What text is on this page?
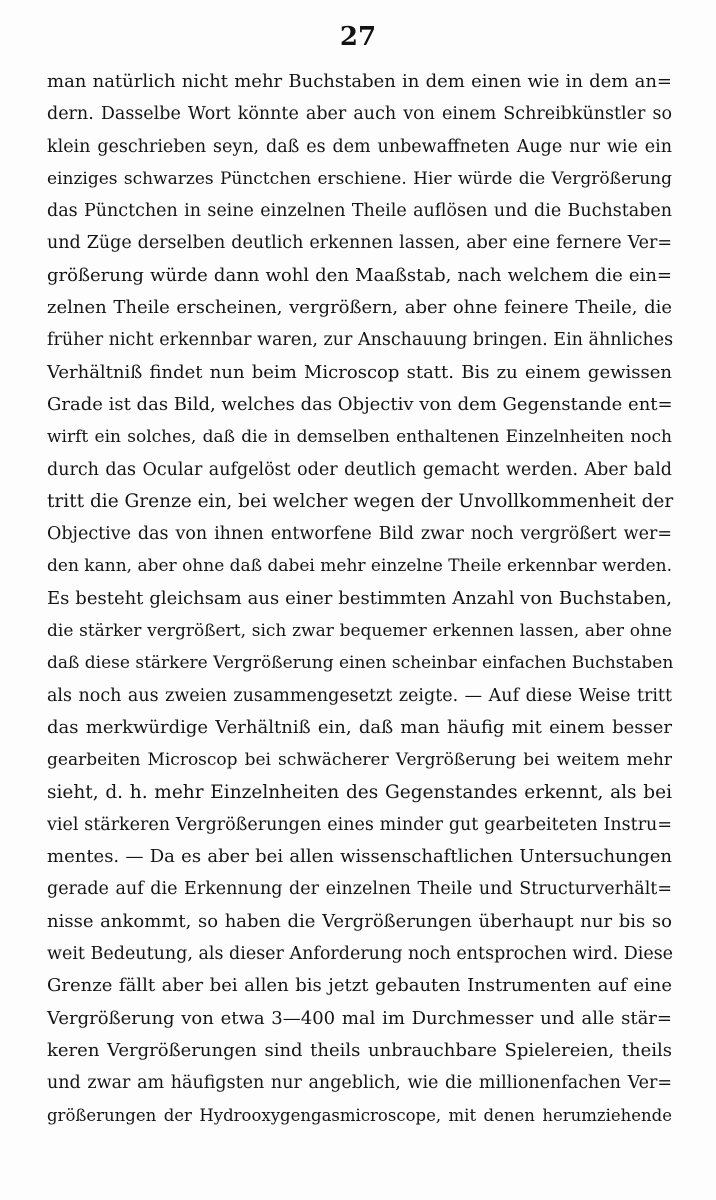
27
man natürlich nicht mehr Buchstaben in dem einen wie in dem an=
dern. Dasselbe Wort könnte aber auch von einem Schreibkünstler so
klein geschrieben seyn, daß es dem unbewaffneten Auge nur wie ein
einziges schwarzes Pünctchen erschiene. Hier würde die Vergrößerung
das Pünctchen in seine einzelnen Theile auflösen und die Buchstaben
und Züge derselben deutlich erkennen lassen, aber eine fernere Ver=
größerung würde dann wohl den Maaßstab, nach welchem die ein=
zelnen Theile erscheinen, vergrößern, aber ohne feinere Theile, die
früher nicht erkennbar waren, zur Anschauung bringen. Ein ähnliches
Verhältniß findet nun beim Microscop statt. Bis zu einem gewissen
Grade ist das Bild, welches das Objectiv von dem Gegenstande ent=
wirft ein solches, daß die in demselben enthaltenen Einzelnheiten noch
durch das Ocular aufgelöst oder deutlich gemacht werden. Aber bald
tritt die Grenze ein, bei welcher wegen der Unvollkommenheit der
Objective das von ihnen entworfene Bild zwar noch vergrößert wer=
den kann, aber ohne daß dabei mehr einzelne Theile erkennbar werden.
Es besteht gleichsam aus einer bestimmten Anzahl von Buchstaben,
die stärker vergrößert, sich zwar bequemer erkennen lassen, aber ohne
daß diese stärkere Vergrößerung einen scheinbar einfachen Buchstaben
als noch aus zweien zusammengesetzt zeigte. — Auf diese Weise tritt
das merkwürdige Verhältniß ein, daß man häufig mit einem besser
gearbeiten Microscop bei schwächerer Vergrößerung bei weitem mehr
sieht, d. h. mehr Einzelnheiten des Gegenstandes erkennt, als bei
viel stärkeren Vergrößerungen eines minder gut gearbeiteten Instru=
mentes. — Da es aber bei allen wissenschaftlichen Untersuchungen
gerade auf die Erkennung der einzelnen Theile und Structurverhält=
nisse ankommt, so haben die Vergrößerungen überhaupt nur bis so
weit Bedeutung, als dieser Anforderung noch entsprochen wird. Diese
Grenze fällt aber bei allen bis jetzt gebauten Instrumenten auf eine
Vergrößerung von etwa 3—400 mal im Durchmesser und alle stär=
keren Vergrößerungen sind theils unbrauchbare Spielereien, theils
und zwar am häufigsten nur angeblich, wie die millionenfachen Ver=
größerungen der Hydrooxygengasmicroscope, mit denen herumziehende
